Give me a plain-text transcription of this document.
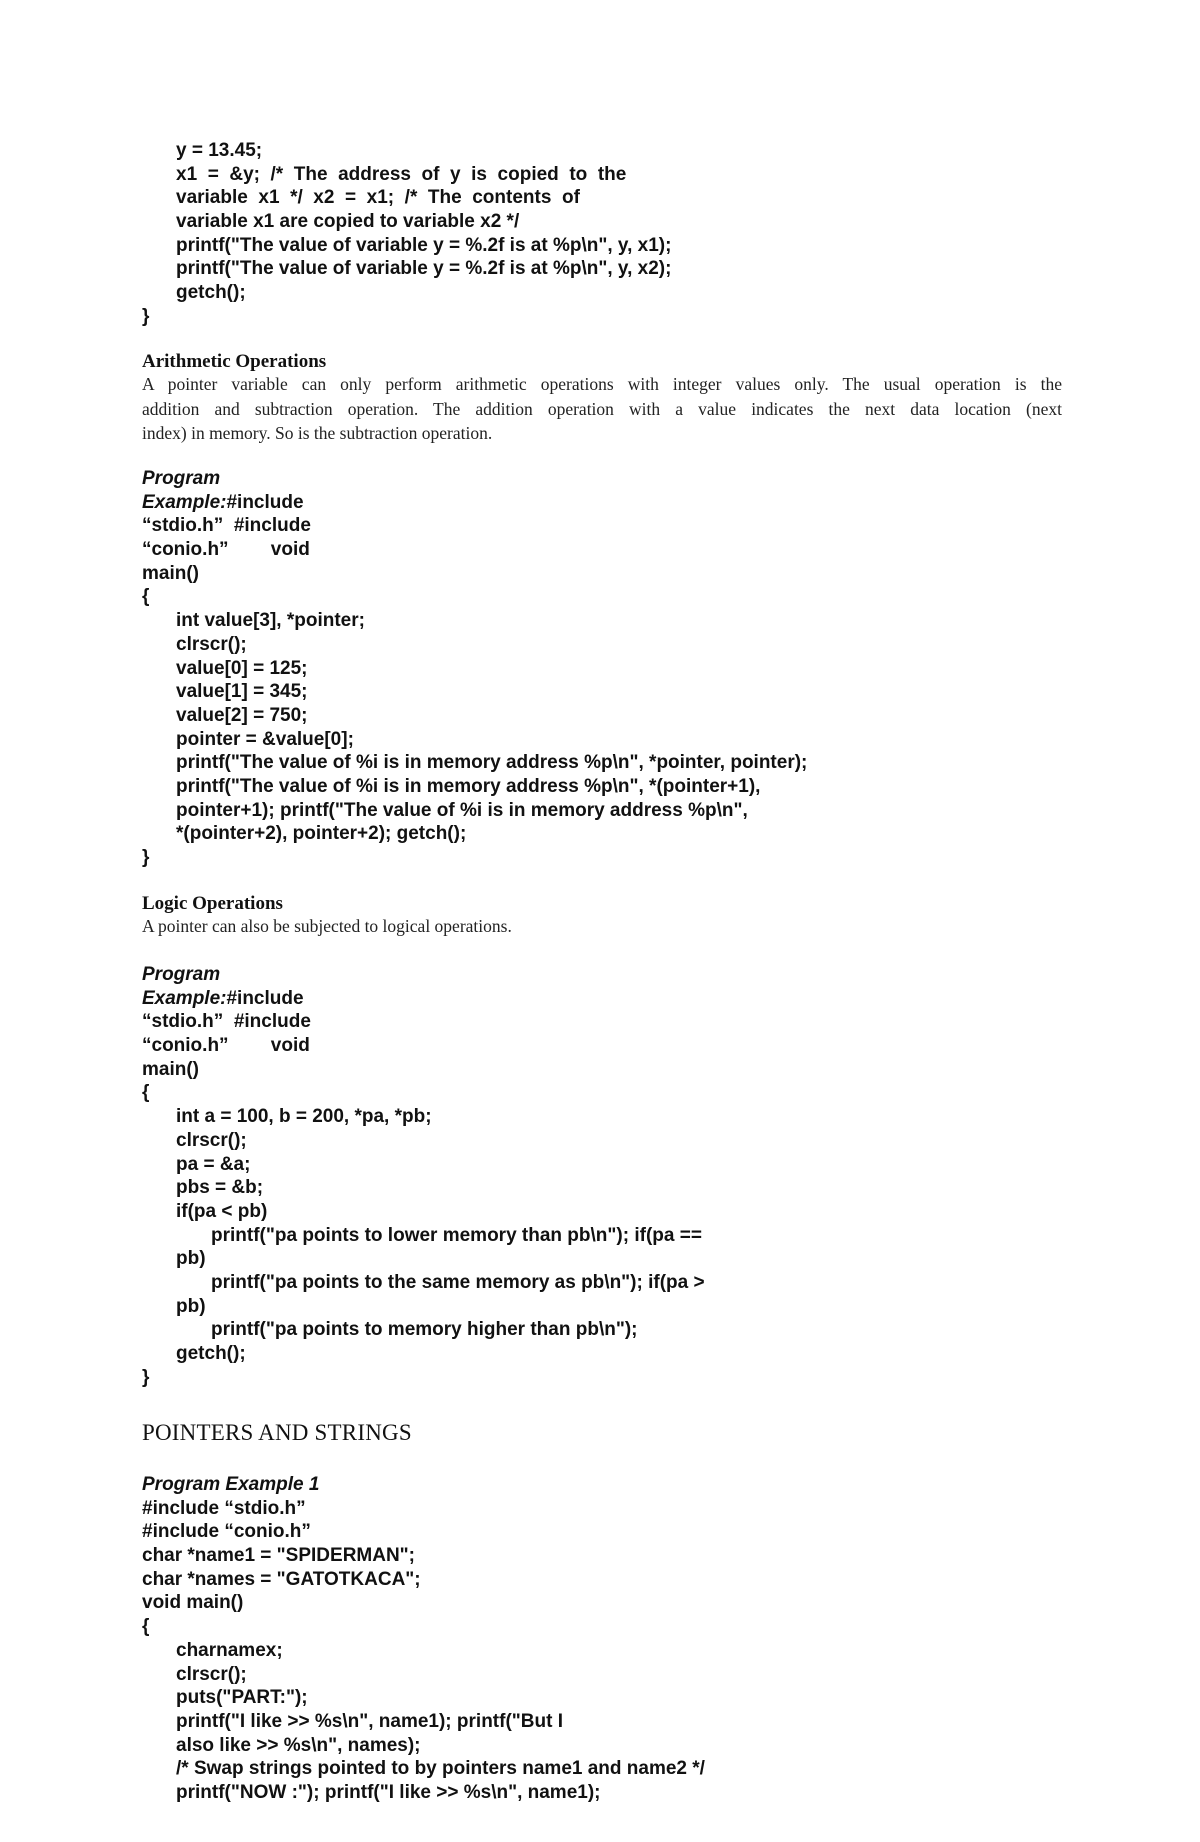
y = 13.45;
x1  =  &y;  /*  The  address  of  y  is  copied  to  the
variable  x1  */  x2  =  x1;  /*  The  contents  of
variable x1 are copied to variable x2 */
printf("The value of variable y = %.2f is at %p\n", y, x1);
printf("The value of variable y = %.2f is at %p\n", y, x2);
getch();
}
Arithmetic Operations
A pointer variable can only perform arithmetic operations with integer values only. The usual operation is the
addition and subtraction operation. The addition operation with a value indicates the next data location (next
index) in memory. So is the subtraction operation.
Program
Example:#include
“stdio.h”  #include
“conio.h”        void
main()
{
int value[3], *pointer;
clrscr();
value[0] = 125;
value[1] = 345;
value[2] = 750;
pointer = &value[0];
printf("The value of %i is in memory address %p\n", *pointer, pointer);
printf("The value of %i is in memory address %p\n", *(pointer+1),
pointer+1); printf("The value of %i is in memory address %p\n",
*(pointer+2), pointer+2); getch();
}
Logic Operations
A pointer can also be subjected to logical operations.
Program
Example:#include
“stdio.h”  #include
“conio.h”        void
main()
{
int a = 100, b = 200, *pa, *pb;
clrscr();
pa = &a;
pbs = &b;
if(pa < pb)
printf("pa points to lower memory than pb\n"); if(pa ==
pb)
printf("pa points to the same memory as pb\n"); if(pa >
pb)
printf("pa points to memory higher than pb\n");
getch();
}
POINTERS AND STRINGS
Program Example 1
#include “stdio.h”
#include “conio.h”
char *name1 = "SPIDERMAN";
char *names = "GATOTKACA";
void main()
{
charnamex;
clrscr();
puts("PART:");
printf("I like >> %s\n", name1); printf("But I
also like >> %s\n", names);
/* Swap strings pointed to by pointers name1 and name2 */
printf("NOW :"); printf("I like >> %s\n", name1);
